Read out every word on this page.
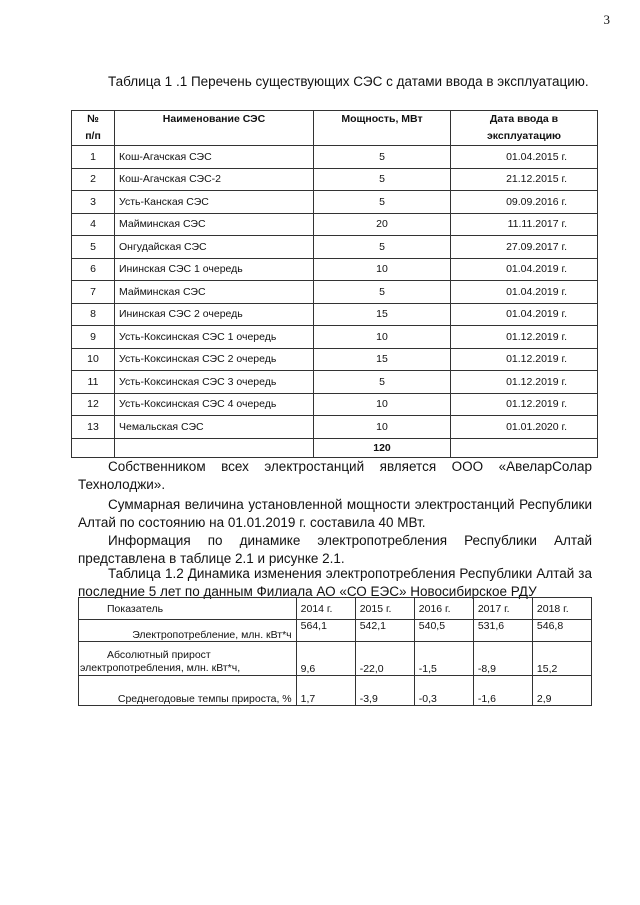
3
Таблица 1 .1 Перечень существующих СЭС с датами ввода в эксплуатацию.
№
п/п	Наименование СЭС	Мощность, МВт	Дата ввода в
эксплуатацию
1	Кош-Агачская СЭС	5	01.04.2015 г.
2	Кош-Агачская СЭС-2	5	21.12.2015 г.
3	Усть-Канская СЭС	5	09.09.2016 г.
4	Майминская СЭС	20	11.11.2017 г.
5	Онгудайская СЭС	5	27.09.2017 г.
6	Ининская СЭС 1 очередь	10	01.04.2019 г.
7	Майминская СЭС	5	01.04.2019 г.
8	Ининская СЭС 2 очередь	15	01.04.2019 г.
9	Усть-Коксинская СЭС 1 очередь	10	01.12.2019 г.
10	Усть-Коксинская СЭС 2 очередь	15	01.12.2019 г.
11	Усть-Коксинская СЭС 3 очередь	5	01.12.2019 г.
12	Усть-Коксинская СЭС 4 очередь	10	01.12.2019 г.
13	Чемальская СЭС	10	01.01.2020 г.
		120	
Собственником всех электростанций является ООО «АвеларСолар
Технолоджи».
Суммарная величина установленной мощности электростанций Республики Алтай по состоянию на 01.01.2019 г. составила 40 МВт.
Информация по динамике электропотребления Республики Алтай
представлена в таблице 2.1 и рисунке 2.1.
Таблица 1.2 Динамика изменения электропотребления Республики Алтай за последние 5 лет по данным Филиала АО «СО ЕЭС» Новосибирское РДУ
Показатель	2014 г.	2015 г.	2016 г.	2017 г.	2018 г.
Электропотребление, млн. кВт*ч	564,1	542,1	540,5	531,6	546,8
Абсолютный прирост
электропотребления, млн. кВт*ч,	9,6	-22,0	-1,5	-8,9	15,2
Среднегодовые темпы прироста, %	1,7	-3,9	-0,3	-1,6	2,9
